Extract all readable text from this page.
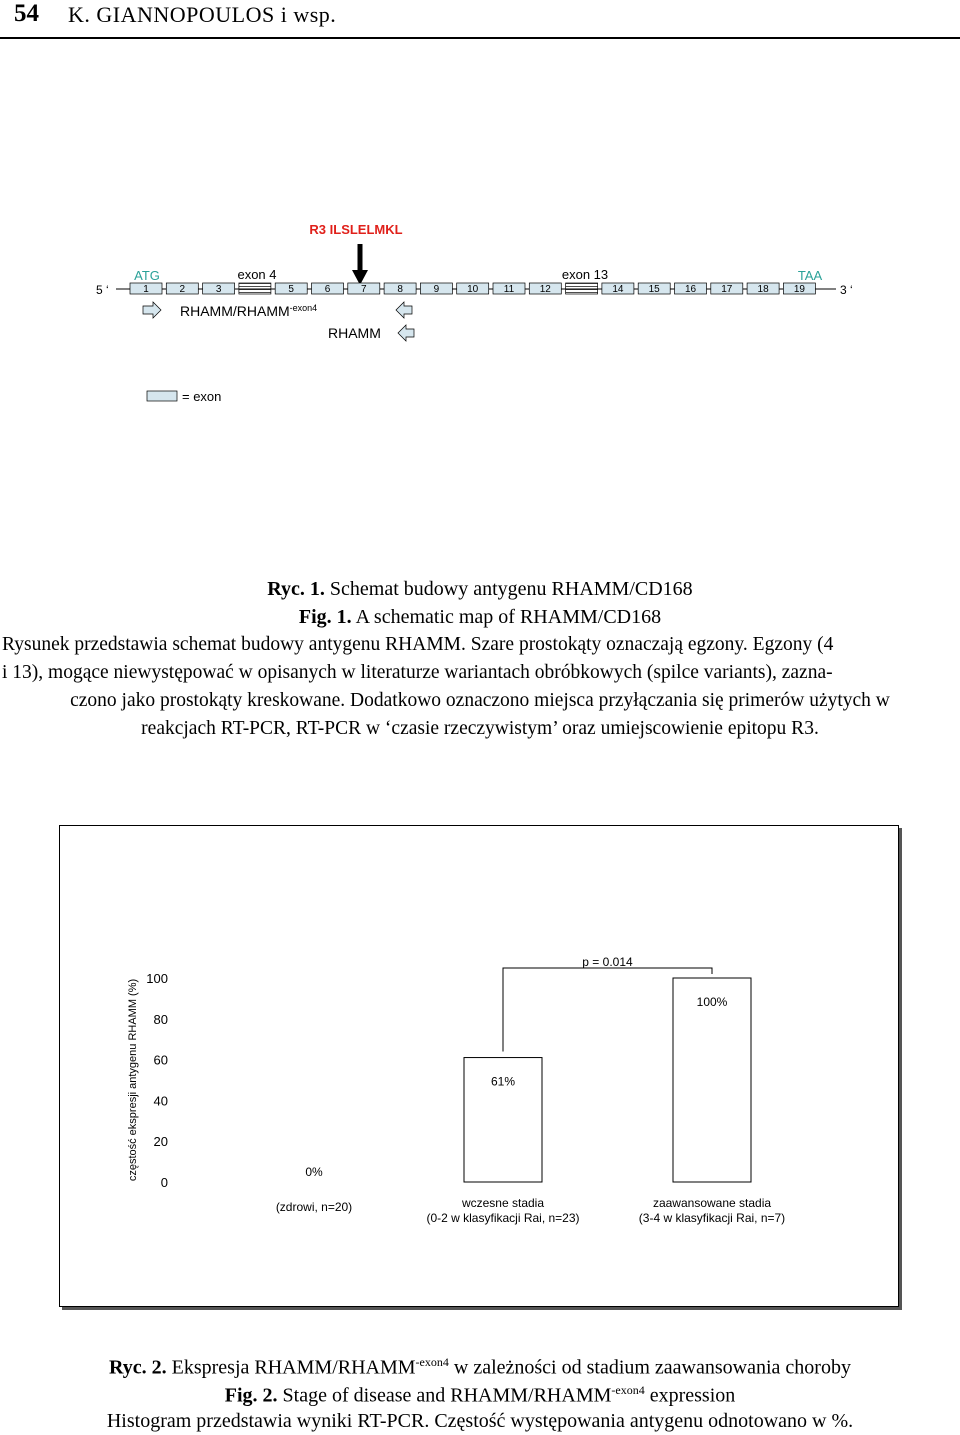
54 K. GIANNOPOULOS i wsp.
R3 ILSLELMKL
ATG	exon 4	exon 13	TAA
5 ‘	3 ‘
1	2	3	5	6	7	8	9	10	11	12	14	15	16	17	18	19
RHAMM/$RHAMM^{-exon4}$
RHAMM
= exon
Ryc. 1. Schemat budowy antygenu RHAMM/CD168
Fig. 1. A schematic map of RHAMM/CD168
Rysunek przedstawia schemat budowy antygenu RHAMM. Szare prostokąty oznaczają egzony. Egzony (4
i 13), mogące niewystępować w opisanych w literaturze wariantach obróbkowych (spilce variants), zazna-
czono jako prostokąty kreskowane. Dodatkowo oznaczono miejsca przyłączania się primerów użytych w
reakcjach RT-PCR, RT-PCR w ‘czasie rzeczywistym’ oraz umiejscowienie epitopu R3.
częstość ekspresji antygenu RHAMM (%)
0
20
40
60
80
100
0%
61%
100%
(zdrowi, n=20)	wczesne stadia
(0-2 w klasyfikacji Rai, n=23)
zaawansowane stadia
(3-4 w klasyfikacji Rai, n=7)
p = 0.014
Ryc. 2. Ekspresja RHAMM/$RHAMM^{-exon4}$ w zależności od stadium zaawansowania choroby
Fig. 2. Stage of disease and RHAMM/$RHAMM^{-exon4}$ expression
Histogram przedstawia wyniki RT-PCR. Częstość występowania antygenu odnotowano w %.
